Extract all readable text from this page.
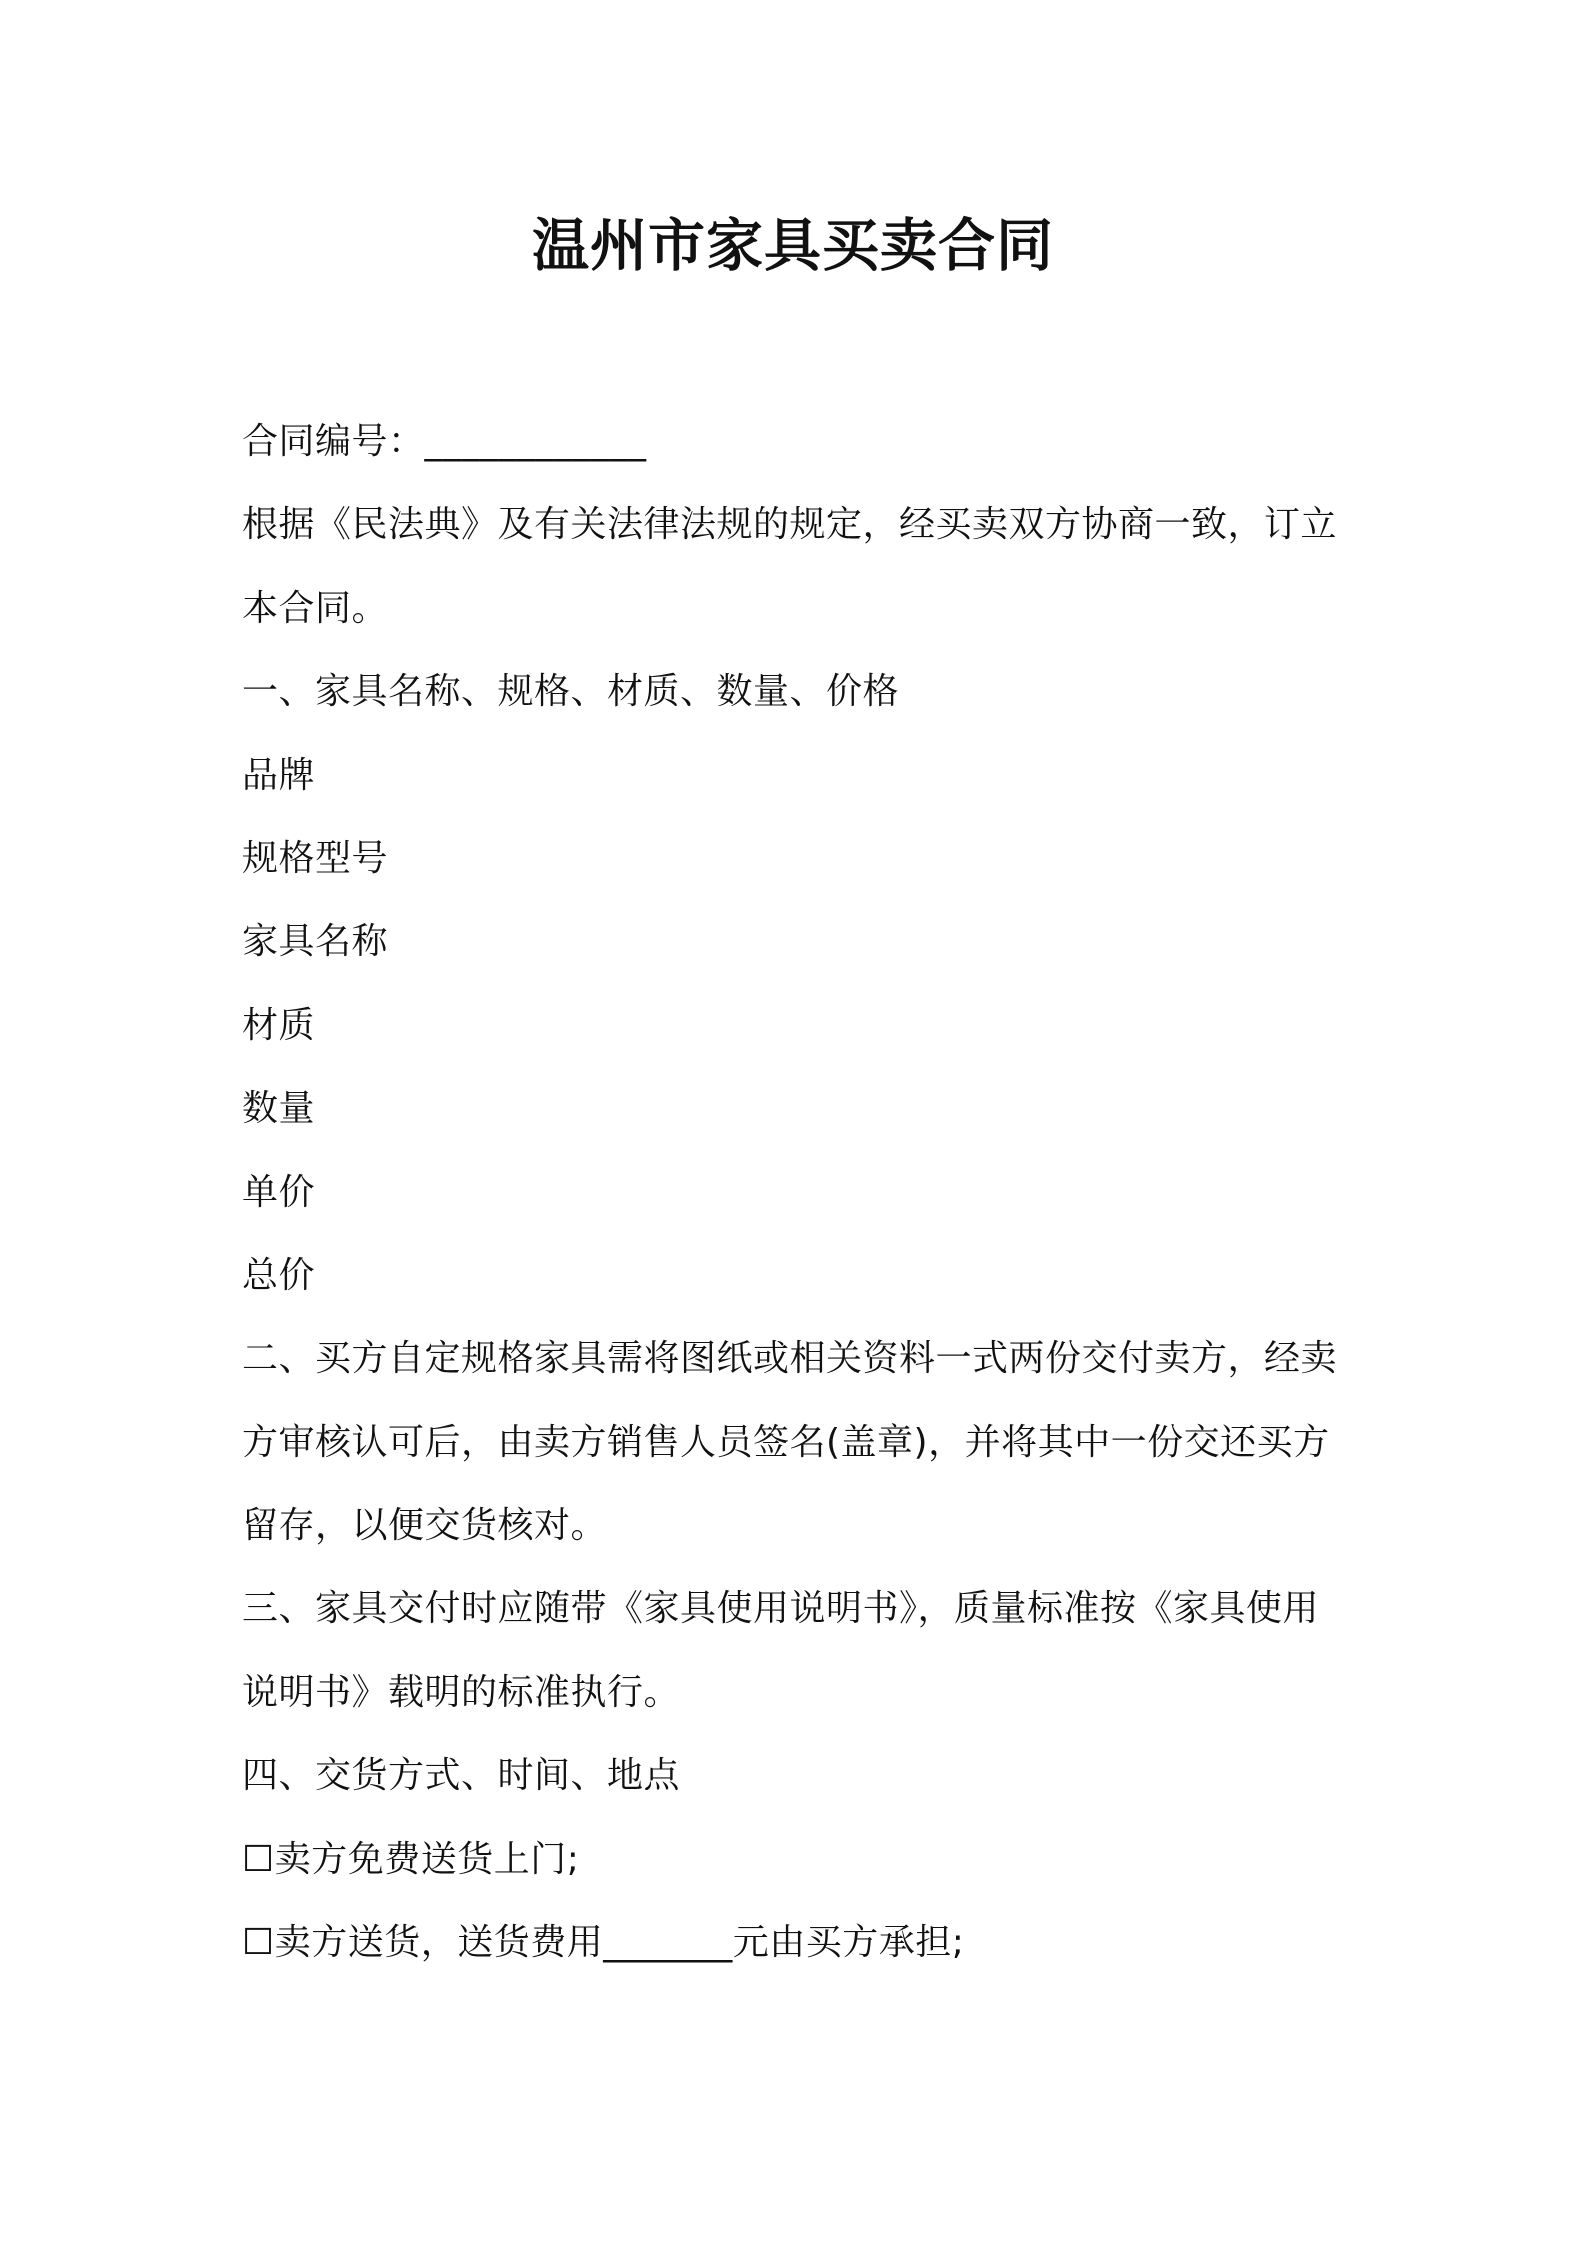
温州市家具买卖合同

合同编号：____________

根据《民法典》及有关法律法规的规定，经买卖双方协商一致，订立

本合同。

一、家具名称、规格、材质、数量、价格

品牌

规格型号

家具名称

材质

数量

单价

总价

二、买方自定规格家具需将图纸或相关资料一式两份交付卖方，经卖

方审核认可后，由卖方销售人员签名(盖章)，并将其中一份交还买方

留存，以便交货核对。

三、家具交付时应随带《家具使用说明书》，质量标准按《家具使用

说明书》载明的标准执行。

四、交货方式、时间、地点

☐卖方免费送货上门;

☐卖方送货，送货费用_______元由买方承担;
